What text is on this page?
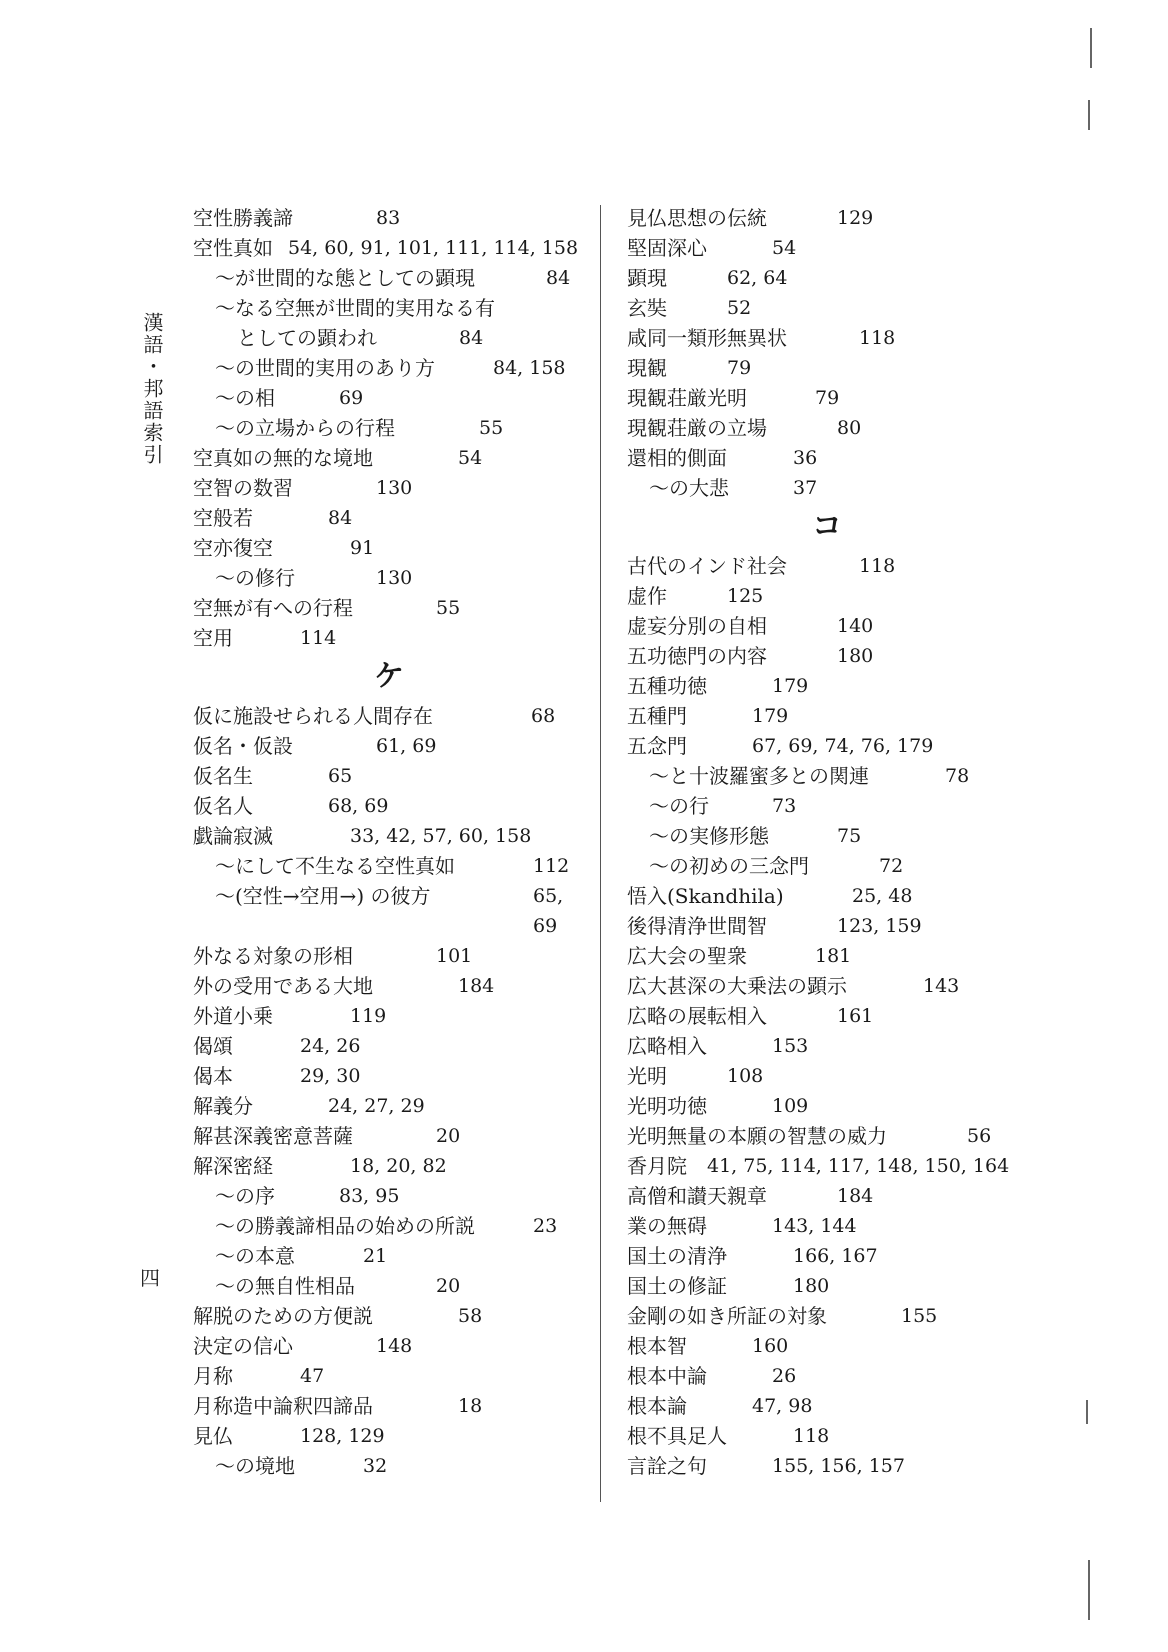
漢語・邦語索引
四
空性勝義諦	83
空性真如 54, 60, 91, 101, 111, 114, 158
～が世間的な態としての顕現	84
～なる空無が世間的実用なる有
としての顕われ	84
～の世間的実用のあり方	84, 158
～の相	69
～の立場からの行程	55
空真如の無的な境地	54
空智の数習	130
空般若	84
空亦復空	91
～の修行	130
空無が有への行程	55
空用	114
ケ
仮に施設せられる人間存在	68
仮名・仮設	61, 69
仮名生	65
仮名人	68, 69
戯論寂滅	33, 42, 57, 60, 158
～にして不生なる空性真如	112
～(空性→空用→) の彼方	65,
69
外なる対象の形相	101
外の受用である大地	184
外道小乗	119
偈頌	24, 26
偈本	29, 30
解義分	24, 27, 29
解甚深義密意菩薩	20
解深密経	18, 20, 82
～の序	83, 95
～の勝義諦相品の始めの所説	23
～の本意	21
～の無自性相品	20
解脱のための方便説	58
決定の信心	148
月称	47
月称造中論釈四諦品	18
見仏	128, 129
～の境地	32
見仏思想の伝統	129
堅固深心	54
顕現	62, 64
玄奘	52
咸同一類形無異状	118
現観	79
現観荘厳光明	79
現観荘厳の立場	80
還相的側面	36
～の大悲	37
コ
古代のインド社会	118
虚作	125
虚妄分別の自相	140
五功徳門の内容	180
五種功徳	179
五種門	179
五念門	67, 69, 74, 76, 179
～と十波羅蜜多との関連	78
～の行	73
～の実修形態	75
～の初めの三念門	72
悟入(Skandhila)	25, 48
後得清浄世間智	123, 159
広大会の聖衆	181
広大甚深の大乗法の顕示	143
広略の展転相入	161
広略相入	153
光明	108
光明功徳	109
光明無量の本願の智慧の威力	56
香月院 41, 75, 114, 117, 148, 150, 164
高僧和讃天親章	184
業の無碍	143, 144
国土の清浄	166, 167
国土の修証	180
金剛の如き所証の対象	155
根本智	160
根本中論	26
根本論	47, 98
根不具足人	118
言詮之句	155, 156, 157
